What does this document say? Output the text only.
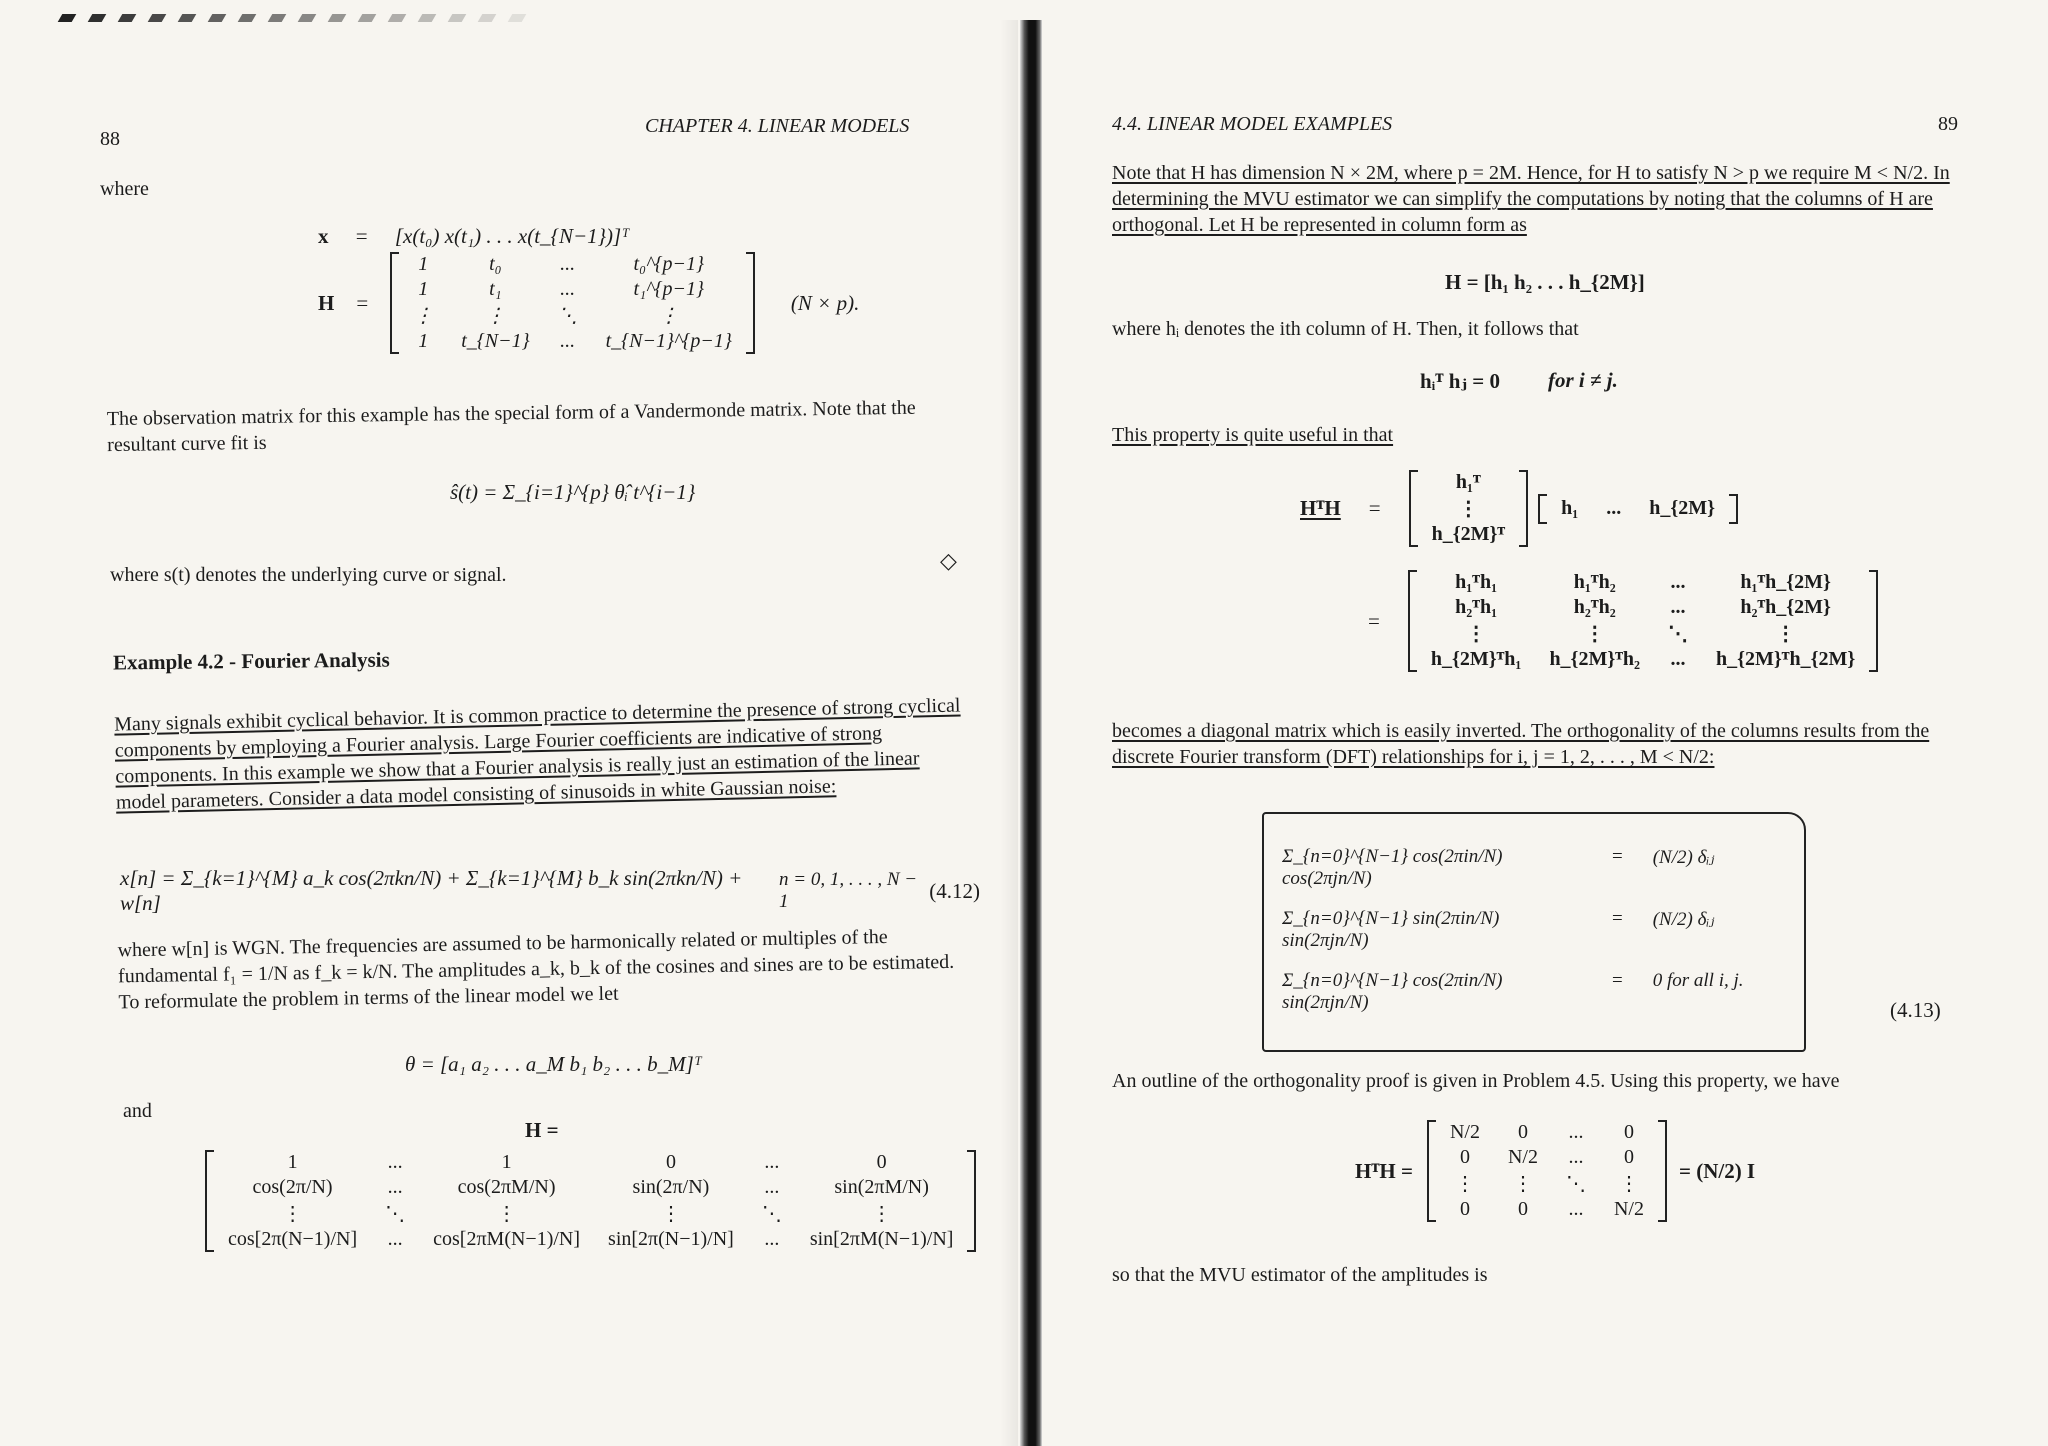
88
CHAPTER 4. LINEAR MODELS
where
x = [x(t₀) x(t₁) . . . x(t_{N−1})]ᵀ
H =
1	t₀	...	t₀^{p−1}
1	t₁	...	t₁^{p−1}
⋮	⋮	⋱	⋮
1	t_{N−1}	...	t_{N−1}^{p−1}
(N × p).
The observation matrix for this example has the special form of a Vandermonde matrix. Note that the resultant curve fit is
ŝ(t) = Σ_{i=1}^{p} θ̂ᵢ t^{i−1}
where s(t) denotes the underlying curve or signal.
◇
Example 4.2 - Fourier Analysis

Many signals exhibit cyclical behavior. It is common practice to determine the presence of strong cyclical components by employing a Fourier analysis. Large Fourier coefficients are indicative of strong components. In this example we show that a Fourier analysis is really just an estimation of the linear model parameters. Consider a data model consisting of sinusoids in white Gaussian noise:

x[n] = Σ_{k=1}^{M} a_k cos(2πkn/N) + Σ_{k=1}^{M} b_k sin(2πkn/N) + w[n]
n = 0, 1, . . . , N − 1	(4.12)

where w[n] is WGN. The frequencies are assumed to be harmonically related or multiples of the fundamental f₁ = 1/N as f_k = k/N. The amplitudes a_k, b_k of the cosines and sines are to be estimated. To reformulate the problem in terms of the linear model we let

θ = [a₁ a₂ . . . a_M b₁ b₂ . . . b_M]ᵀ
and
H =
1	...	1	0	...	0
cos(2π/N)	...	cos(2πM/N)	sin(2π/N)	...	sin(2πM/N)
⋮	⋱	⋮	⋮	⋱	⋮
cos[2π(N−1)/N]	...	cos[2πM(N−1)/N]	sin[2π(N−1)/N]	...	sin[2πM(N−1)/N]
4.4. LINEAR MODEL EXAMPLES	89

Note that H has dimension N × 2M, where p = 2M. Hence, for H to satisfy N > p we require M < N/2. In determining the MVU estimator we can simplify the computations by noting that the columns of H are orthogonal. Let H be represented in column form as

H = [h₁ h₂ . . . h_{2M}]
where hᵢ denotes the ith column of H. Then, it follows that
hᵢᵀ hⱼ = 0 for i ≠ j.
This property is quite useful in that
HᵀH =
h₁ᵀ
⋮
h_{2M}ᵀ
h₁	...	h_{2M}
=
h₁ᵀh₁	h₁ᵀh₂	...	h₁ᵀh_{2M}
h₂ᵀh₁	h₂ᵀh₂	...	h₂ᵀh_{2M}
⋮	⋮	⋱	⋮
h_{2M}ᵀh₁	h_{2M}ᵀh₂	...	h_{2M}ᵀh_{2M}

becomes a diagonal matrix which is easily inverted. The orthogonality of the columns results from the discrete Fourier transform (DFT) relationships for i, j = 1, 2, . . . , M < N/2:

Σ_{n=0}^{N−1} cos(2πin/N) cos(2πjn/N)
= (N/2) δᵢⱼ
Σ_{n=0}^{N−1} sin(2πin/N) sin(2πjn/N)
= (N/2) δᵢⱼ
Σ_{n=0}^{N−1} cos(2πin/N) sin(2πjn/N)
= 0 for all i, j.
(4.13)
An outline of the orthogonality proof is given in Problem 4.5. Using this property, we have
HᵀH =
N/2	0	...	0
0	N/2	...	0
⋮	⋮	⋱	⋮
0	0	...	N/2
= (N/2) I
so that the MVU estimator of the amplitudes is
